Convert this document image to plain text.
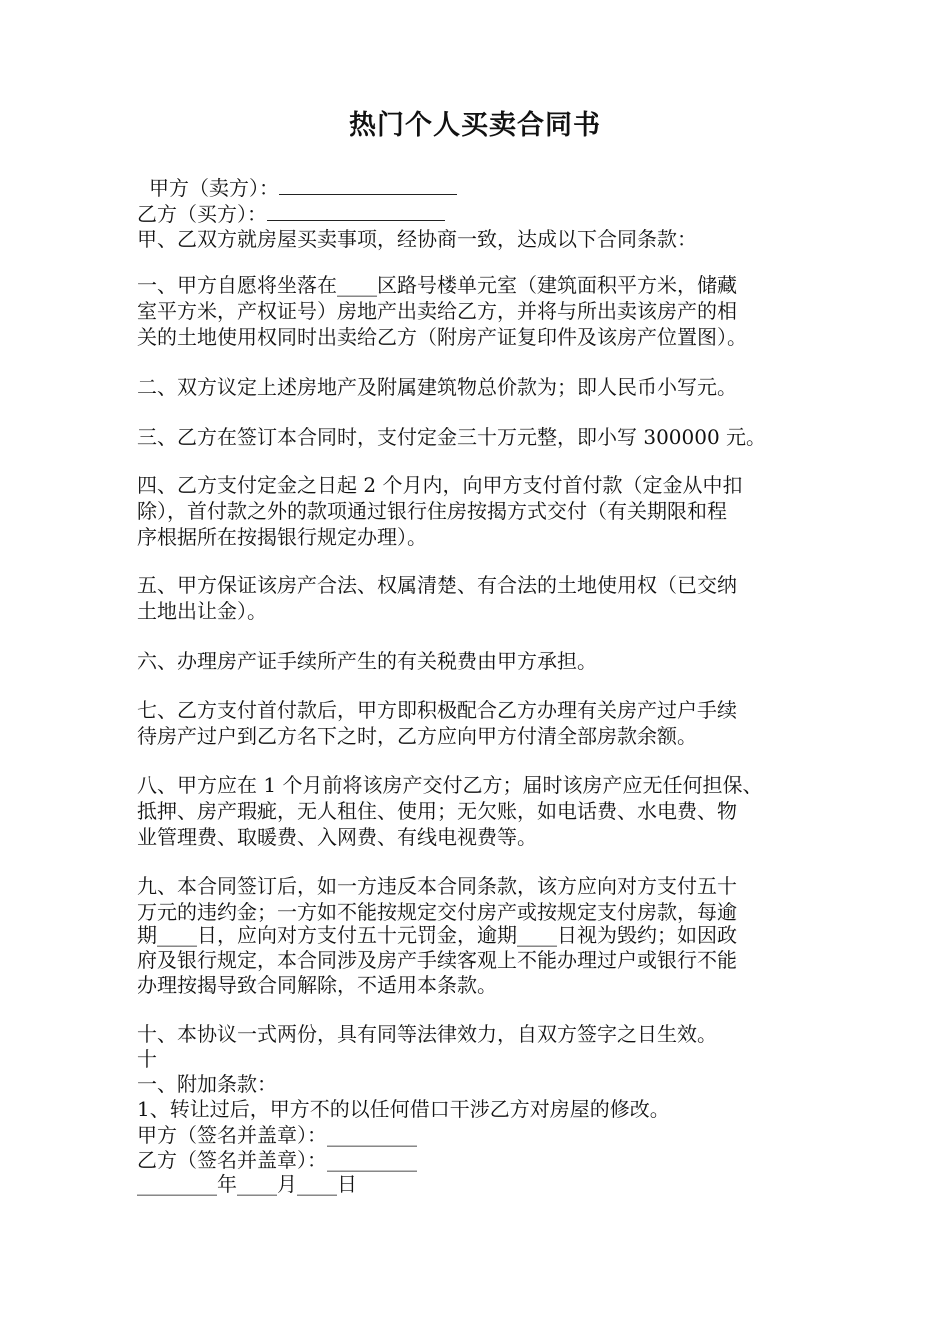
热门个人买卖合同书
甲方（卖方）：
乙方（买方）：
甲、乙双方就房屋买卖事项，经协商一致，达成以下合同条款：
一、甲方自愿将坐落在____区路号楼单元室（建筑面积平方米，储藏
室平方米，产权证号）房地产出卖给乙方，并将与所出卖该房产的相
关的土地使用权同时出卖给乙方（附房产证复印件及该房产位置图）。
二、双方议定上述房地产及附属建筑物总价款为；即人民币小写元。
三、乙方在签订本合同时，支付定金三十万元整，即小写 300000 元。
四、乙方支付定金之日起 2 个月内，向甲方支付首付款（定金从中扣
除），首付款之外的款项通过银行住房按揭方式交付（有关期限和程
序根据所在按揭银行规定办理）。
五、甲方保证该房产合法、权属清楚、有合法的土地使用权（已交纳
土地出让金）。
六、办理房产证手续所产生的有关税费由甲方承担。
七、乙方支付首付款后，甲方即积极配合乙方办理有关房产过户手续
待房产过户到乙方名下之时，乙方应向甲方付清全部房款余额。
八、甲方应在 1 个月前将该房产交付乙方；届时该房产应无任何担保、
抵押、房产瑕疵，无人租住、使用；无欠账，如电话费、水电费、物
业管理费、取暖费、入网费、有线电视费等。
九、本合同签订后，如一方违反本合同条款，该方应向对方支付五十
万元的违约金；一方如不能按规定交付房产或按规定支付房款，每逾
期____日，应向对方支付五十元罚金，逾期____日视为毁约；如因政
府及银行规定，本合同涉及房产手续客观上不能办理过户或银行不能
办理按揭导致合同解除，不适用本条款。
十、本协议一式两份，具有同等法律效力，自双方签字之日生效。
十
一、附加条款：
1、转让过后，甲方不的以任何借口干涉乙方对房屋的修改。
甲方（签名并盖章）：_________
乙方（签名并盖章）：_________
________年____月____日
